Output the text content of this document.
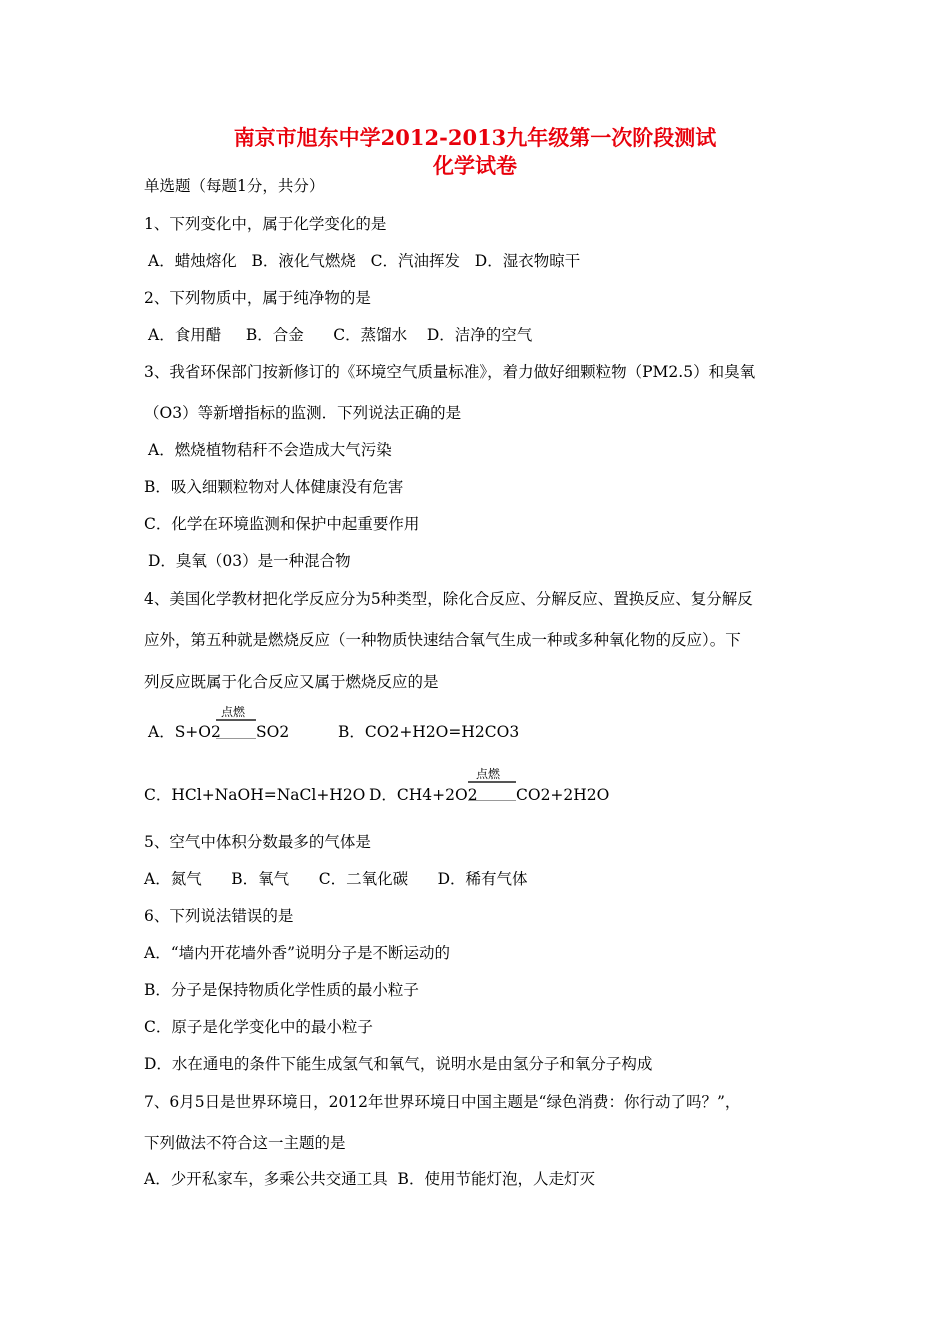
南京市旭东中学2012-2013九年级第一次阶段测试
化学试卷
单选题（每题1分，共分）
1、下列变化中，属于化学变化的是
A．蜡烛熔化   B．液化气燃烧   C．汽油挥发   D．湿衣物晾干
2、下列物质中，属于纯净物的是
A．食用醋     B．合金      C．蒸馏水    D．洁净的空气
3、我省环保部门按新修订的《环境空气质量标准》，着力做好细颗粒物（PM2.5）和臭氧
（O3）等新增指标的监测．下列说法正确的是
A．燃烧植物秸秆不会造成大气污染
B．吸入细颗粒物对人体健康没有危害
C．化学在环境监测和保护中起重要作用
D．臭氧（03）是一种混合物
4、美国化学教材把化学反应分为5种类型，除化合反应、分解反应、置换反应、复分解反
应外，第五种就是燃烧反应（一种物质快速结合氧气生成一种或多种氧化物的反应）。下
列反应既属于化合反应又属于燃烧反应的是
A．S+O2
点燃
SO2	B．CO2+H2O=H2CO3
C．HCl+NaOH=NaCl+H2O D．CH4+2O2
点燃
CO2+2H2O
5、空气中体积分数最多的气体是
A．氮气      B．氧气      C．二氧化碳      D．稀有气体
6、下列说法错误的是
A．“墙内开花墙外香”说明分子是不断运动的
B．分子是保持物质化学性质的最小粒子
C．原子是化学变化中的最小粒子
D．水在通电的条件下能生成氢气和氧气，说明水是由氢分子和氧分子构成
7、6月5日是世界环境日，2012年世界环境日中国主题是“绿色消费：你行动了吗？”，
下列做法不符合这一主题的是
A．少开私家车，多乘公共交通工具  B．使用节能灯泡，人走灯灭
